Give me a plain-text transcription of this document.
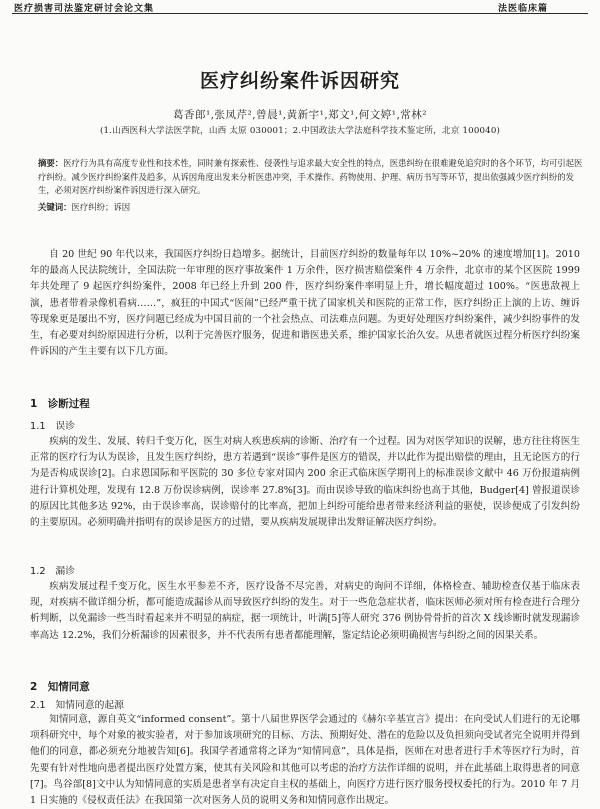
医疗损害司法鉴定研讨会论文集	法医临床篇
医疗纠纷案件诉因研究
葛香郎¹,张凤芹²,曾晨¹,黄新宇¹,郑文¹,何文婷¹,常林²
(1.山西医科大学法医学院，山西 太原 030001；2.中国政法大学法庭科学技术鉴定所，北京 100040)
摘要：医疗行为具有高度专业性和技术性，同时兼有探索性、侵袭性与追求最大安全性的特点，医患纠纷在很难避免追究时的各个环节，均可引起医疗纠纷。减少医疗纠纷案件及趋多，从诉因角度出发来分析医患冲突，手术操作、药物使用、护理、病历书写等环节，提出依强减少医疗纠纷的发生，必须对医疗纠纷案件诉因进行深入研究。
关键词：医疗纠纷；诉因

自 20 世纪 90 年代以来，我国医疗纠纷日趋增多。据统计，目前医疗纠纷的数量每年以 10%~20% 的速度增加[1]。2010 年的最高人民法院统计，全国法院一年审理的医疗事故案件 1 万余件，医疗损害赔偿案件 4 万余件，北京市的某个区医院 1999 年共处理了 9 起医疗纠纷案件，2008 年已经上升到 200 件，医疗纠纷案件率明显上升，增长幅度超过 100%。“医患敌视上演，患者带着录像机看病……”，疯狂的中国式“医闹”已经严重干扰了国家机关和医院的正常工作，医疗纠纷正上演的上访、缠诉等现象更是屡出不穷，医疗问题已经成为中国目前的一个社会热点、司法难点问题。为更好处理医疗纠纷案件，减少纠纷事件的发生，有必要对纠纷原因进行分析，以利于完善医疗服务，促进和谐医患关系，维护国家长治久安。从患者就医过程分析医疗纠纷案件诉因的产生主要有以下几方面。

1　诊断过程
1.1　误诊

疾病的发生、发展、转归千变万化，医生对病人疾患疾病的诊断、治疗有一个过程。因为对医学知识的误解，患方往往将医生正常的医疗行为认为误诊，且发生医疗纠纷，患方若遇到“误诊”事件是医方的错误，并以此作为提出赔偿的理由，且无论医方的行为是否构成误诊[2]。白求恩国际和平医院的 30 多位专家对国内 200 余正式临床医学期刊上的标准误诊文献中 46 万份报道病例进行计算机处理，发现有 12.8 万份误诊病例，误诊率 27.8%[3]。而由误诊导致的临床纠纷也高于其他，Budger[4] 曾报道误诊的原因比其他多达 92%，由于误诊率高，误诊赔付的比率高，把加上纠纷可能给患者带来经济利益的驱使，误诊便成了引发纠纷的主要原因。必须明确并指明有的误诊是医方的过错，要从疾病发展规律出发辩证解决医疗纠纷。

1.2　漏诊

疾病发展过程千变万化，医生水平参差不齐，医疗设备不尽完善，对病史的询问不详细，体格检查、辅助检查仅基于临床表现，对疾病不做详细分析，都可能造成漏诊从而导致医疗纠纷的发生。对于一些危急症状者，临床医师必须对所有检查进行合理分析判断，以免漏诊一些当时看起来并不明显的病症，据一项统计，叶满[5]等人研究 376 例协骨骨折的首次 X 线诊断时就发现漏诊率高达 12.2%，我们分析漏诊的因素很多，并不代表所有患者都能理解，鉴定结论必须明确损害与纠纷之间的因果关系。

2　知情同意
2.1　知情同意的起源

知情同意，源自英文“informed consent”。第十八届世界医学会通过的《赫尔辛基宣言》提出：在向受试人们进行的无论哪项科研究中，每个对象的被实验者，对于参加该项研究的目标、方法、预期好处、潜在的危险以及负担须向受试者完全说明并得到他们的同意，都必须充分地被告知[6]。我国学者通常将之译为“知情同意”，具体是指，医师在对患者进行手术等医疗行为时，首先要有针对性地向患者提出医疗处置方案，使其有关风险和其他可以考虑的治疗方法作详细的说明，并在此基础上取得患者的同意[7]。鸟谷部[8]文中认为知情同意的实质是患者享有决定自主权的基础上，向医疗方进行医疗服务授权委托的行为。2010 年 7 月 1 日实施的《侵权责任法》在我国第一次对医务人员的说明义务和知情同意作出规定。
